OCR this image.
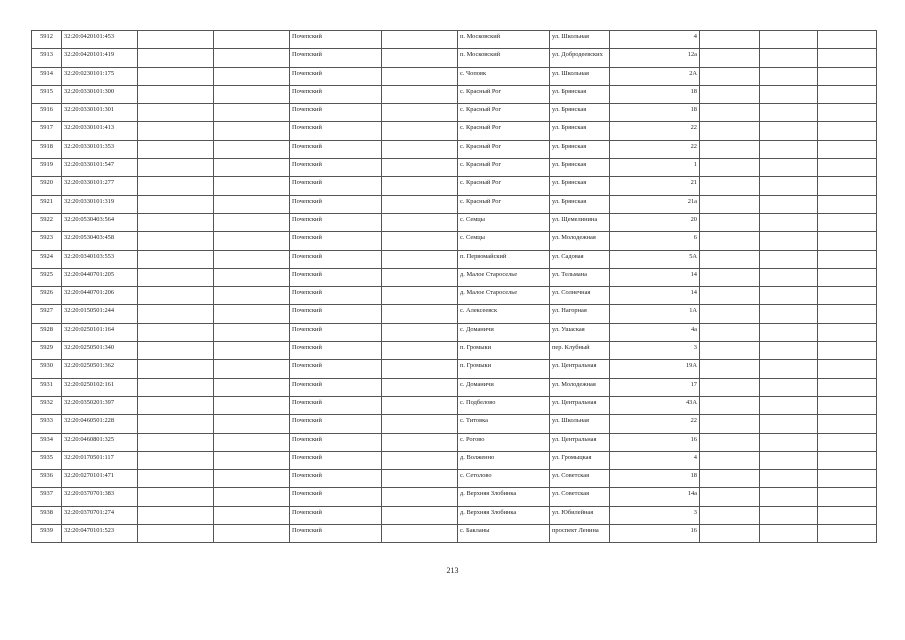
5912	32:20:0420101:453			Почепский		п. Московский	ул. Школьная	4			
5913	32:20:0420101:419			Почепский		п. Московский	ул. Добродеевских	12а			
5914	32:20:0230101:175			Почепский		с. Чоповк	ул. Школьная	2А			
5915	32:20:0330101:300			Почепский		с. Красный Рог	ул. Брянская	18			
5916	32:20:0330101:301			Почепский		с. Красный Рог	ул. Брянская	18			
5917	32:20:0330101:413			Почепский		с. Красный Рог	ул. Брянская	22			
5918	32:20:0330101:353			Почепский		с. Красный Рог	ул. Брянская	22			
5919	32:20:0330101:547			Почепский		с. Красный Рог	ул. Брянская	1			
5920	32:20:0330101:277			Почепский		с. Красный Рог	ул. Брянская	21			
5921	32:20:0330101:319			Почепский		с. Красный Рог	ул. Брянская	21а			
5922	32:20:0530403:564			Почепский		с. Семцы	ул. Щемелинина	20			
5923	32:20:0530403:458			Почепский		с. Семцы	ул. Молодежная	6			
5924	32:20:0340103:553			Почепский		п. Первомайский	ул. Садовая	5А			
5925	32:20:0440701:205			Почепский		д. Малое Староселье	ул. Тельмана	14			
5926	32:20:0440701:206			Почепский		д. Малое Староселье	ул. Солнечная	14			
5927	32:20:0150501:244			Почепский		с. Алексеевск	ул. Нагорная	1А			
5928	32:20:0250101:164			Почепский		с. Доманичи	ул. Ушаская	4а			
5929	32:20:0250501:340			Почепский		п. Громыки	пер. Клубный	3			
5930	32:20:0250501:362			Почепский		п. Громыки	ул. Центральная	19А			
5931	32:20:0250102:161			Почепский		с. Доманичи	ул. Молодежная	17			
5932	32:20:0350201:397			Почепский		с. Подбелово	ул. Центральная	43А			
5933	32:20:0460501:228			Почепский		с. Титовка	ул. Школьная	22			
5934	32:20:0460801:325			Почепский		с. Рогово	ул. Центральная	16			
5935	32:20:0170501:117			Почепский		д. Волженно	ул. Громыцкая	4			
5936	32:20:0270101:471			Почепский		с. Сетолово	ул. Советская	18			
5937	32:20:0370701:383			Почепский		д. Верхняя Злобинка	ул. Советская	14а			
5938	32:20:0370701:274			Почепский		д. Верхняя Злобинка	ул. Юбилейная	3			
5939	32:20:0470101:523			Почепский		с. Бакланы	проспект Ленина	16			
213
